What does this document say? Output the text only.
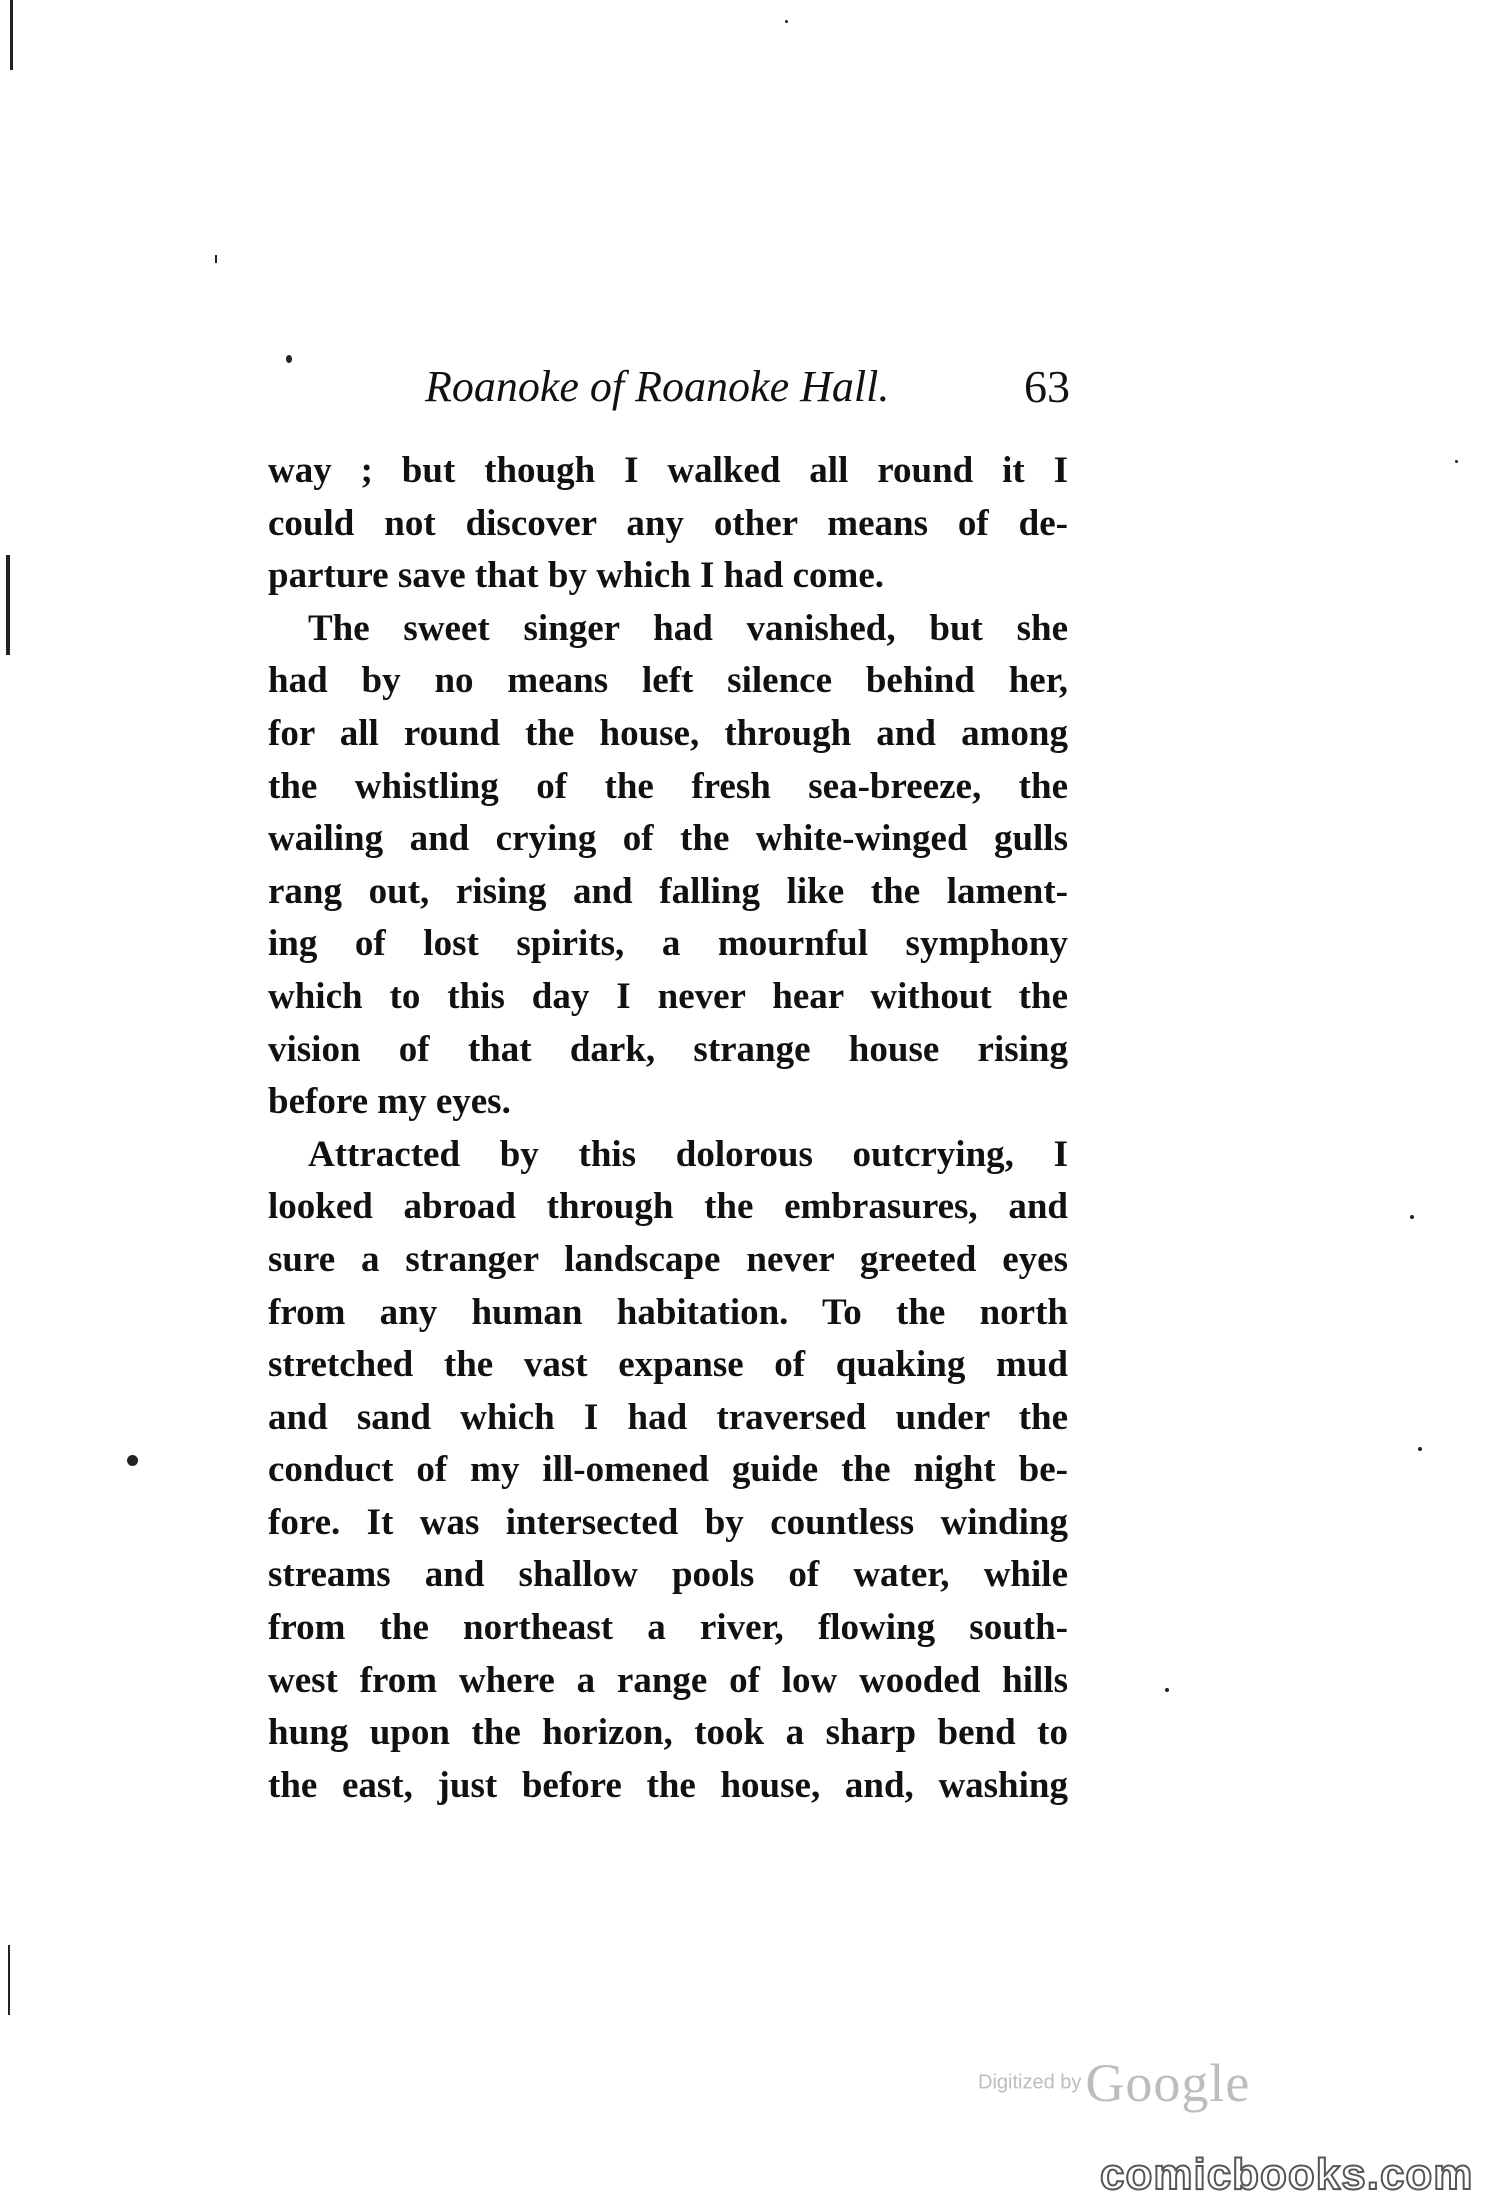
Roanoke of Roanoke Hall.	63
way ; but though I walked all round it I
could not discover any other means of de-
parture save that by which I had come.
The sweet singer had vanished, but she
had by no means left silence behind her,
for all round the house, through and among
the whistling of the fresh sea-breeze, the
wailing and crying of the white-winged gulls
rang out, rising and falling like the lament-
ing of lost spirits, a mournful symphony
which to this day I never hear without the
vision of that dark, strange house rising
before my eyes.
Attracted by this dolorous outcrying, I
looked abroad through the embrasures, and
sure a stranger landscape never greeted eyes
from any human habitation. To the north
stretched the vast expanse of quaking mud
and sand which I had traversed under the
conduct of my ill-omened guide the night be-
fore. It was intersected by countless winding
streams and shallow pools of water, while
from the northeast a river, flowing south-
west from where a range of low wooded hills
hung upon the horizon, took a sharp bend to
the east, just before the house, and, washing
Digitized by Google
comicbooks.com
